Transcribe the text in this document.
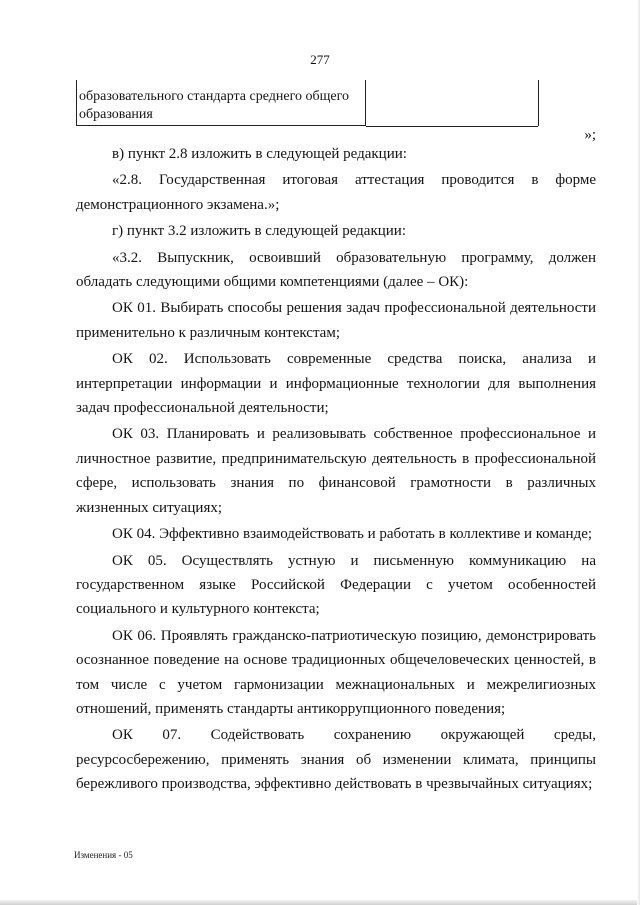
277
образовательного стандарта среднего общего образования
»;

в) пункт 2.8 изложить в следующей редакции:

«2.8. Государственная итоговая аттестация проводится в форме демонстрационного экзамена.»;

г) пункт 3.2 изложить в следующей редакции:

«3.2. Выпускник, освоивший образовательную программу, должен обладать следующими общими компетенциями (далее – ОК):

ОК 01. Выбирать способы решения задач профессиональной деятельности применительно к различным контекстам;

ОК 02. Использовать современные средства поиска, анализа и интерпретации информации и информационные технологии для выполнения задач профессиональной деятельности;

ОК 03. Планировать и реализовывать собственное профессиональное и личностное развитие, предпринимательскую деятельность в профессиональной сфере, использовать знания по финансовой грамотности в различных жизненных ситуациях;

ОК 04. Эффективно взаимодействовать и работать в коллективе и команде;

ОК 05. Осуществлять устную и письменную коммуникацию на государственном языке Российской Федерации с учетом особенностей социального и культурного контекста;

ОК 06. Проявлять гражданско-патриотическую позицию, демонстрировать осознанное поведение на основе традиционных общечеловеческих ценностей, в том числе с учетом гармонизации межнациональных и межрелигиозных отношений, применять стандарты антикоррупционного поведения;

ОК 07. Содействовать сохранению окружающей среды, ресурсосбережению, применять знания об изменении климата, принципы бережливого производства, эффективно действовать в чрезвычайных ситуациях;

Изменения - 05
